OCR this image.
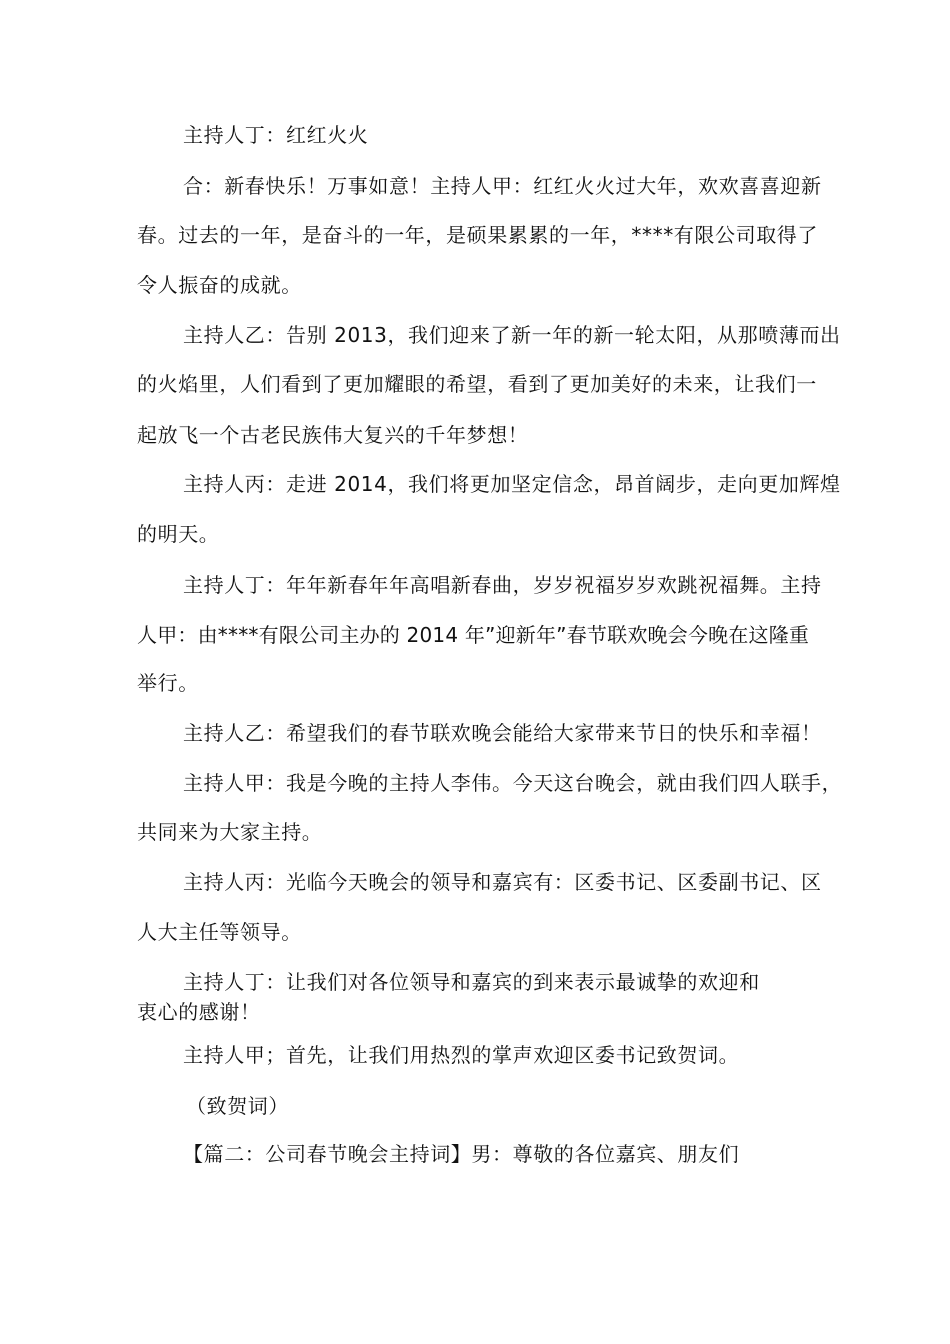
主持人丁：红红火火
合：新春快乐！万事如意！主持人甲：红红火火过大年，欢欢喜喜迎新
春。过去的一年，是奋斗的一年，是硕果累累的一年，****有限公司取得了
令人振奋的成就。
主持人乙：告别 2013，我们迎来了新一年的新一轮太阳，从那喷薄而出
的火焰里，人们看到了更加耀眼的希望，看到了更加美好的未来，让我们一
起放飞一个古老民族伟大复兴的千年梦想！
主持人丙：走进 2014，我们将更加坚定信念，昂首阔步，走向更加辉煌
的明天。
主持人丁：年年新春年年高唱新春曲，岁岁祝福岁岁欢跳祝福舞。主持
人甲：由****有限公司主办的 2014 年”迎新年”春节联欢晚会今晚在这隆重
举行。
主持人乙：希望我们的春节联欢晚会能给大家带来节日的快乐和幸福！
主持人甲：我是今晚的主持人李伟。今天这台晚会，就由我们四人联手，
共同来为大家主持。
主持人丙：光临今天晚会的领导和嘉宾有：区委书记、区委副书记、区
人大主任等领导。
主持人丁：让我们对各位领导和嘉宾的到来表示最诚挚的欢迎和
衷心的感谢！
主持人甲；首先，让我们用热烈的掌声欢迎区委书记致贺词。
（致贺词）
【篇二：公司春节晚会主持词】男：尊敬的各位嘉宾、朋友们
